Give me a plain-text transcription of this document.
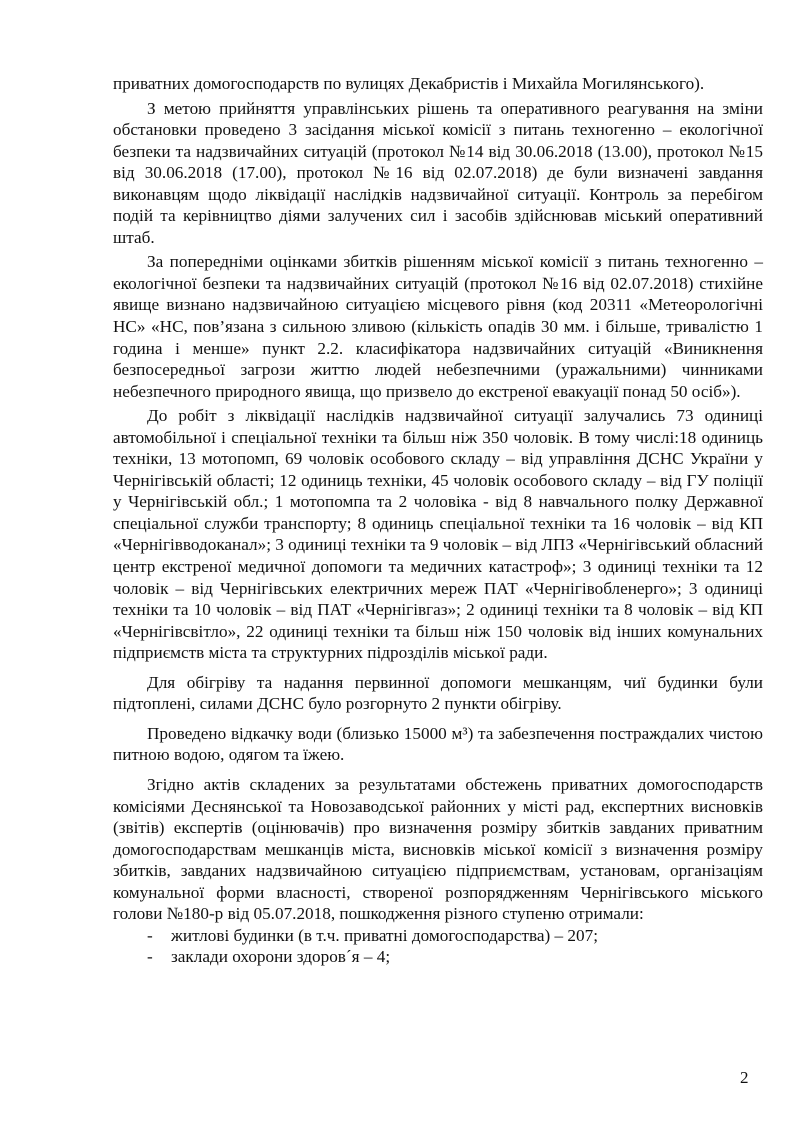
приватних домогосподарств по вулицях Декабристів і Михайла Могилянського).

З метою прийняття управлінських рішень та оперативного реагування на зміни обстановки проведено 3 засідання міської комісії з питань техногенно – екологічної безпеки та надзвичайних ситуацій (протокол №14 від 30.06.2018 (13.00), протокол №15 від 30.06.2018 (17.00), протокол №16 від 02.07.2018) де були визначені завдання виконавцям щодо ліквідації наслідків надзвичайної ситуації. Контроль за перебігом подій та керівництво діями залучених сил і засобів здійснював міський оперативний штаб.

За попередніми оцінками збитків рішенням міської комісії з питань техногенно – екологічної безпеки та надзвичайних ситуацій (протокол №16 від 02.07.2018) стихійне явище визнано надзвичайною ситуацією місцевого рівня (код 20311 «Метеорологічні НС» «НС, пов’язана з сильною зливою (кількість опадів 30 мм. і більше, тривалістю 1 година і менше» пункт 2.2. класифікатора надзвичайних ситуацій «Виникнення безпосередньої загрози життю людей небезпечними (уражальними) чинниками небезпечного природного явища, що призвело до екстреної евакуації понад 50 осіб»).

До робіт з ліквідації наслідків надзвичайної ситуації залучались 73 одиниці автомобільної і спеціальної техніки та більш ніж 350 чоловік. В тому числі:18 одиниць техніки, 13 мотопомп, 69 чоловік особового складу – від управління ДСНС України у Чернігівській області; 12 одиниць техніки, 45 чоловік особового складу – від ГУ поліції у Чернігівській обл.; 1 мотопомпа та 2 чоловіка - від 8 навчального полку Державної спеціальної служби транспорту; 8 одиниць спеціальної техніки та 16 чоловік – від КП «Чернігівводоканал»; 3 одиниці техніки та 9 чоловік – від ЛПЗ «Чернігівський обласний центр екстреної медичної допомоги та медичних катастроф»; 3 одиниці техніки та 12 чоловік – від Чернігівських електричних мереж ПАТ «Чернігівобленерго»; 3 одиниці техніки та 10 чоловік – від ПАТ «Чернігівгаз»; 2 одиниці техніки та 8 чоловік – від КП «Чернігівсвітло», 22 одиниці техніки та більш ніж 150 чоловік від інших комунальних підприємств міста та структурних підрозділів міської ради.

Для обігріву та надання первинної допомоги мешканцям, чиї будинки були підтоплені, силами ДСНС було розгорнуто 2 пункти обігріву.

Проведено відкачку води (близько 15000 м³) та забезпечення постраждалих чистою питною водою, одягом та їжею.

Згідно актів складених за результатами обстежень приватних домогосподарств комісіями Деснянської та Новозаводської районних у місті рад, експертних висновків (звітів) експертів (оцінювачів) про визначення розміру збитків завданих приватним домогосподарствам мешканців міста, висновків міської комісії з визначення розміру збитків, завданих надзвичайною ситуацією підприємствам, установам, організаціям комунальної форми власності, створеної розпорядженням Чернігівського міського голови №180-р від 05.07.2018, пошкодження різного ступеню отримали:

- житлові будинки (в т.ч. приватні домогосподарства) – 207;
- заклади охорони здоров´я – 4;
2
